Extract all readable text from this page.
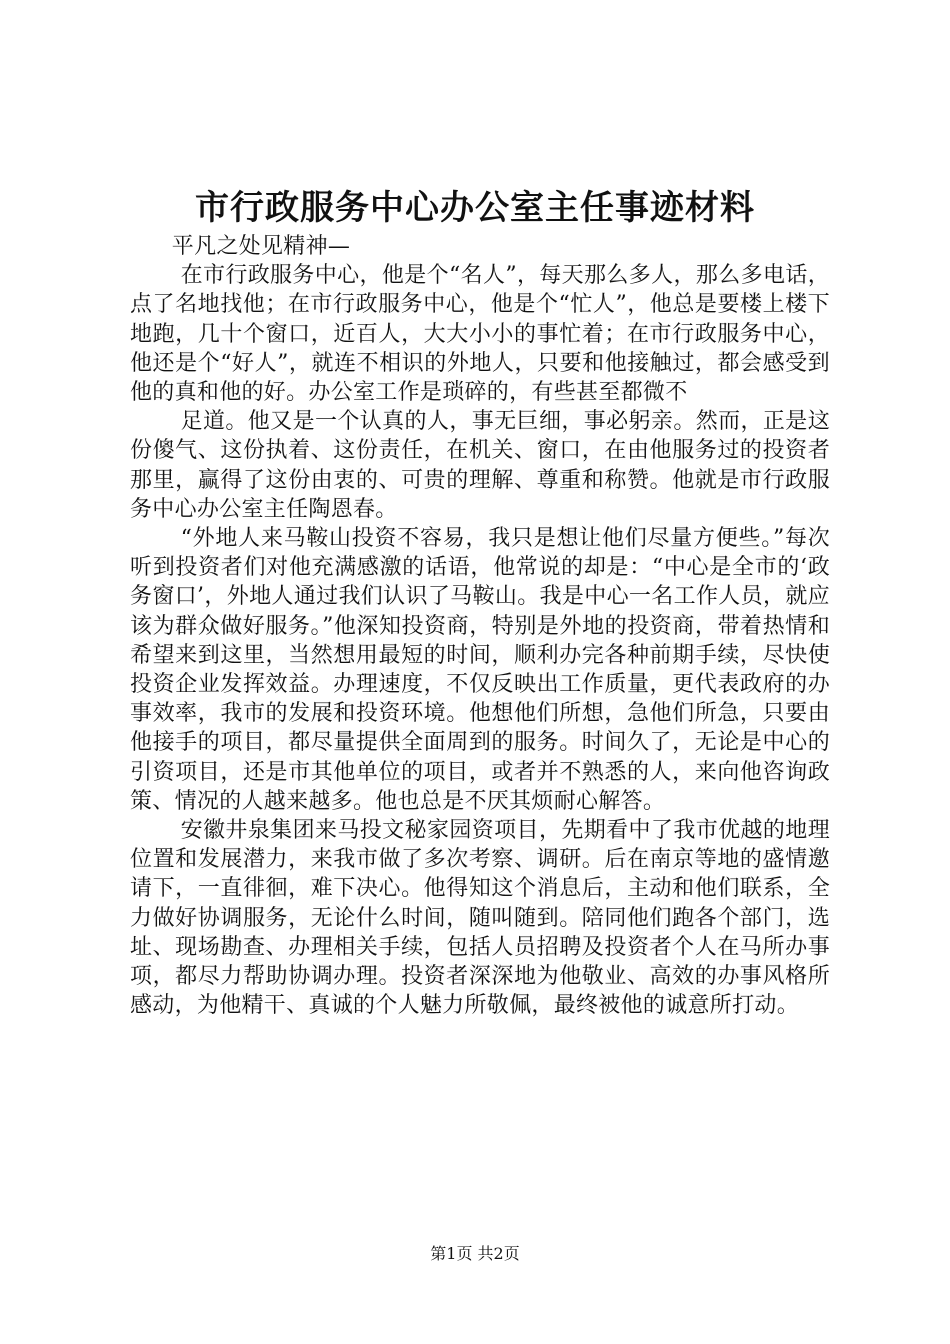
市行政服务中心办公室主任事迹材料

平凡之处见精神—

在市行政服务中心，他是个“名人”，每天那么多人，那么多电话，点了名地找他；在市行政服务中心，他是个“忙人”，他总是要楼上楼下地跑，几十个窗口，近百人，大大小小的事忙着；在市行政服务中心，他还是个“好人”，就连不相识的外地人，只要和他接触过，都会感受到他的真和他的好。办公室工作是琐碎的，有些甚至都微不

足道。他又是一个认真的人，事无巨细，事必躬亲。然而，正是这份傻气、这份执着、这份责任，在机关、窗口，在由他服务过的投资者那里，赢得了这份由衷的、可贵的理解、尊重和称赞。他就是市行政服务中心办公室主任陶恩春。

“外地人来马鞍山投资不容易，我只是想让他们尽量方便些。”每次听到投资者们对他充满感激的话语，他常说的却是：“中心是全市的‘政务窗口’，外地人通过我们认识了马鞍山。我是中心一名工作人员，就应该为群众做好服务。”他深知投资商，特别是外地的投资商，带着热情和希望来到这里，当然想用最短的时间，顺利办完各种前期手续，尽快使投资企业发挥效益。办理速度，不仅反映出工作质量，更代表政府的办事效率，我市的发展和投资环境。他想他们所想，急他们所急，只要由他接手的项目，都尽量提供全面周到的服务。时间久了，无论是中心的引资项目，还是市其他单位的项目，或者并不熟悉的人，来向他咨询政策、情况的人越来越多。他也总是不厌其烦耐心解答。

安徽井泉集团来马投文秘家园资项目，先期看中了我市优越的地理位置和发展潜力，来我市做了多次考察、调研。后在南京等地的盛情邀请下，一直徘徊，难下决心。他得知这个消息后，主动和他们联系，全力做好协调服务，无论什么时间，随叫随到。陪同他们跑各个部门，选址、现场勘查、办理相关手续，包括人员招聘及投资者个人在马所办事项，都尽力帮助协调办理。投资者深深地为他敬业、高效的办事风格所感动，为他精干、真诚的个人魅力所敬佩，最终被他的诚意所打动。

第1页 共2页
